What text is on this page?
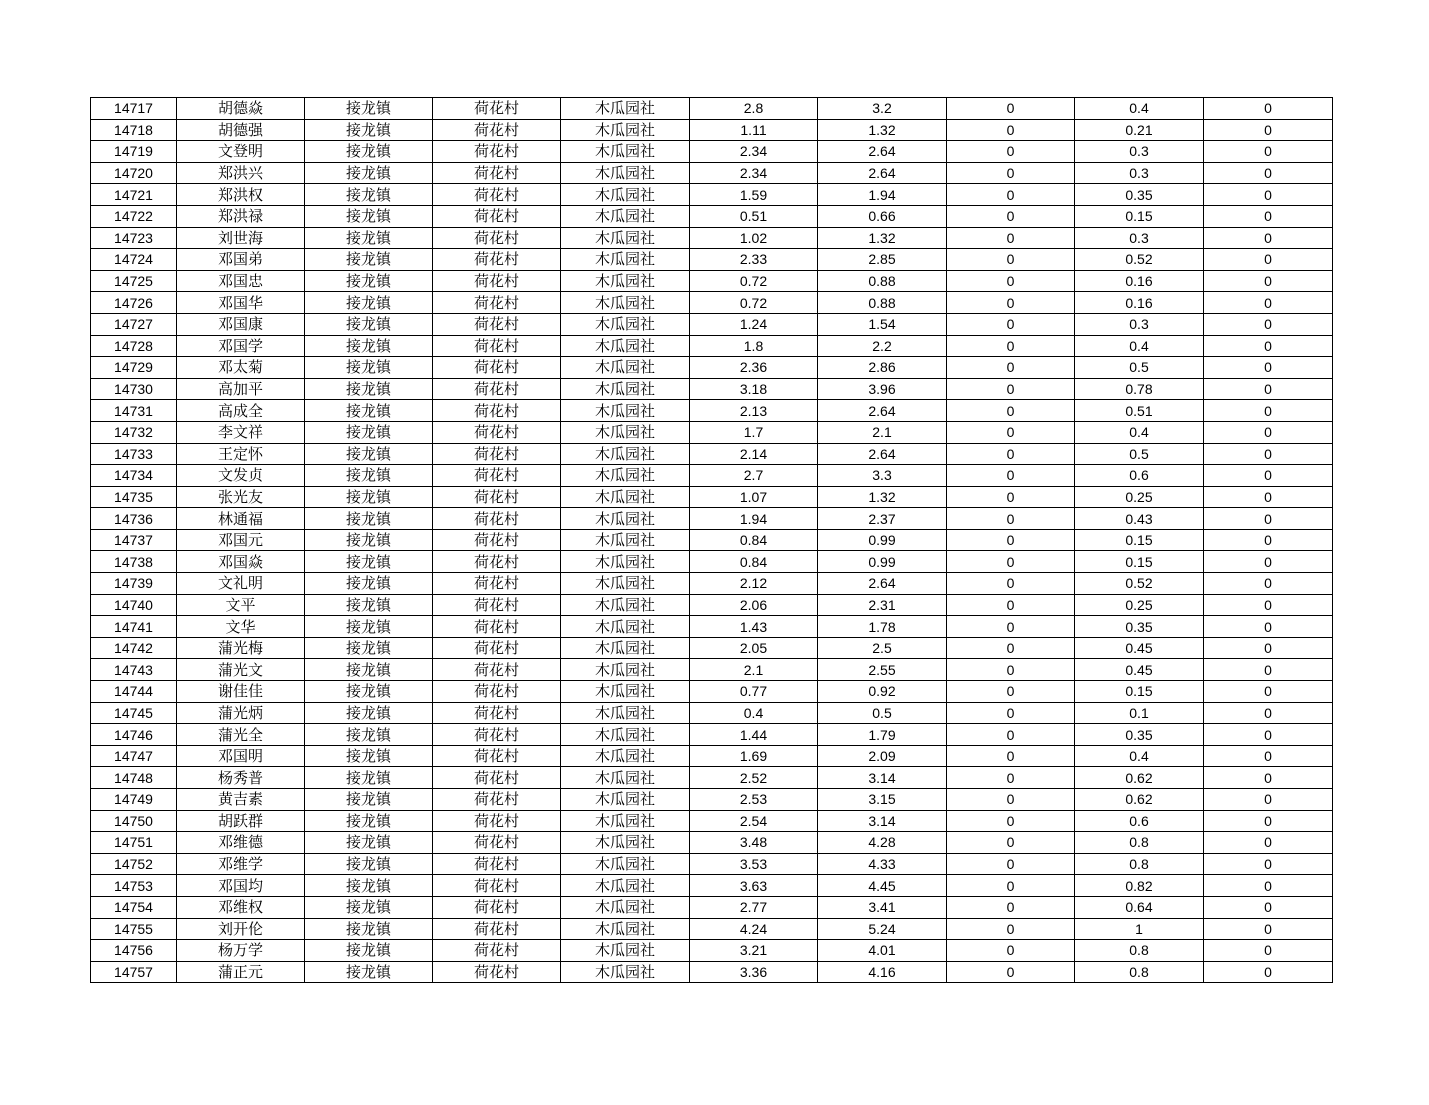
14717	胡德焱	接龙镇	荷花村	木瓜园社	2.8	3.2	0	0.4	0
14718	胡德强	接龙镇	荷花村	木瓜园社	1.11	1.32	0	0.21	0
14719	文登明	接龙镇	荷花村	木瓜园社	2.34	2.64	0	0.3	0
14720	郑洪兴	接龙镇	荷花村	木瓜园社	2.34	2.64	0	0.3	0
14721	郑洪权	接龙镇	荷花村	木瓜园社	1.59	1.94	0	0.35	0
14722	郑洪禄	接龙镇	荷花村	木瓜园社	0.51	0.66	0	0.15	0
14723	刘世海	接龙镇	荷花村	木瓜园社	1.02	1.32	0	0.3	0
14724	邓国弟	接龙镇	荷花村	木瓜园社	2.33	2.85	0	0.52	0
14725	邓国忠	接龙镇	荷花村	木瓜园社	0.72	0.88	0	0.16	0
14726	邓国华	接龙镇	荷花村	木瓜园社	0.72	0.88	0	0.16	0
14727	邓国康	接龙镇	荷花村	木瓜园社	1.24	1.54	0	0.3	0
14728	邓国学	接龙镇	荷花村	木瓜园社	1.8	2.2	0	0.4	0
14729	邓太菊	接龙镇	荷花村	木瓜园社	2.36	2.86	0	0.5	0
14730	高加平	接龙镇	荷花村	木瓜园社	3.18	3.96	0	0.78	0
14731	高成全	接龙镇	荷花村	木瓜园社	2.13	2.64	0	0.51	0
14732	李文祥	接龙镇	荷花村	木瓜园社	1.7	2.1	0	0.4	0
14733	王定怀	接龙镇	荷花村	木瓜园社	2.14	2.64	0	0.5	0
14734	文发贞	接龙镇	荷花村	木瓜园社	2.7	3.3	0	0.6	0
14735	张光友	接龙镇	荷花村	木瓜园社	1.07	1.32	0	0.25	0
14736	林通福	接龙镇	荷花村	木瓜园社	1.94	2.37	0	0.43	0
14737	邓国元	接龙镇	荷花村	木瓜园社	0.84	0.99	0	0.15	0
14738	邓国焱	接龙镇	荷花村	木瓜园社	0.84	0.99	0	0.15	0
14739	文礼明	接龙镇	荷花村	木瓜园社	2.12	2.64	0	0.52	0
14740	文平	接龙镇	荷花村	木瓜园社	2.06	2.31	0	0.25	0
14741	文华	接龙镇	荷花村	木瓜园社	1.43	1.78	0	0.35	0
14742	蒲光梅	接龙镇	荷花村	木瓜园社	2.05	2.5	0	0.45	0
14743	蒲光文	接龙镇	荷花村	木瓜园社	2.1	2.55	0	0.45	0
14744	谢佳佳	接龙镇	荷花村	木瓜园社	0.77	0.92	0	0.15	0
14745	蒲光炳	接龙镇	荷花村	木瓜园社	0.4	0.5	0	0.1	0
14746	蒲光全	接龙镇	荷花村	木瓜园社	1.44	1.79	0	0.35	0
14747	邓国明	接龙镇	荷花村	木瓜园社	1.69	2.09	0	0.4	0
14748	杨秀普	接龙镇	荷花村	木瓜园社	2.52	3.14	0	0.62	0
14749	黄吉素	接龙镇	荷花村	木瓜园社	2.53	3.15	0	0.62	0
14750	胡跃群	接龙镇	荷花村	木瓜园社	2.54	3.14	0	0.6	0
14751	邓维德	接龙镇	荷花村	木瓜园社	3.48	4.28	0	0.8	0
14752	邓维学	接龙镇	荷花村	木瓜园社	3.53	4.33	0	0.8	0
14753	邓国均	接龙镇	荷花村	木瓜园社	3.63	4.45	0	0.82	0
14754	邓维权	接龙镇	荷花村	木瓜园社	2.77	3.41	0	0.64	0
14755	刘开伦	接龙镇	荷花村	木瓜园社	4.24	5.24	0	1	0
14756	杨万学	接龙镇	荷花村	木瓜园社	3.21	4.01	0	0.8	0
14757	蒲正元	接龙镇	荷花村	木瓜园社	3.36	4.16	0	0.8	0
